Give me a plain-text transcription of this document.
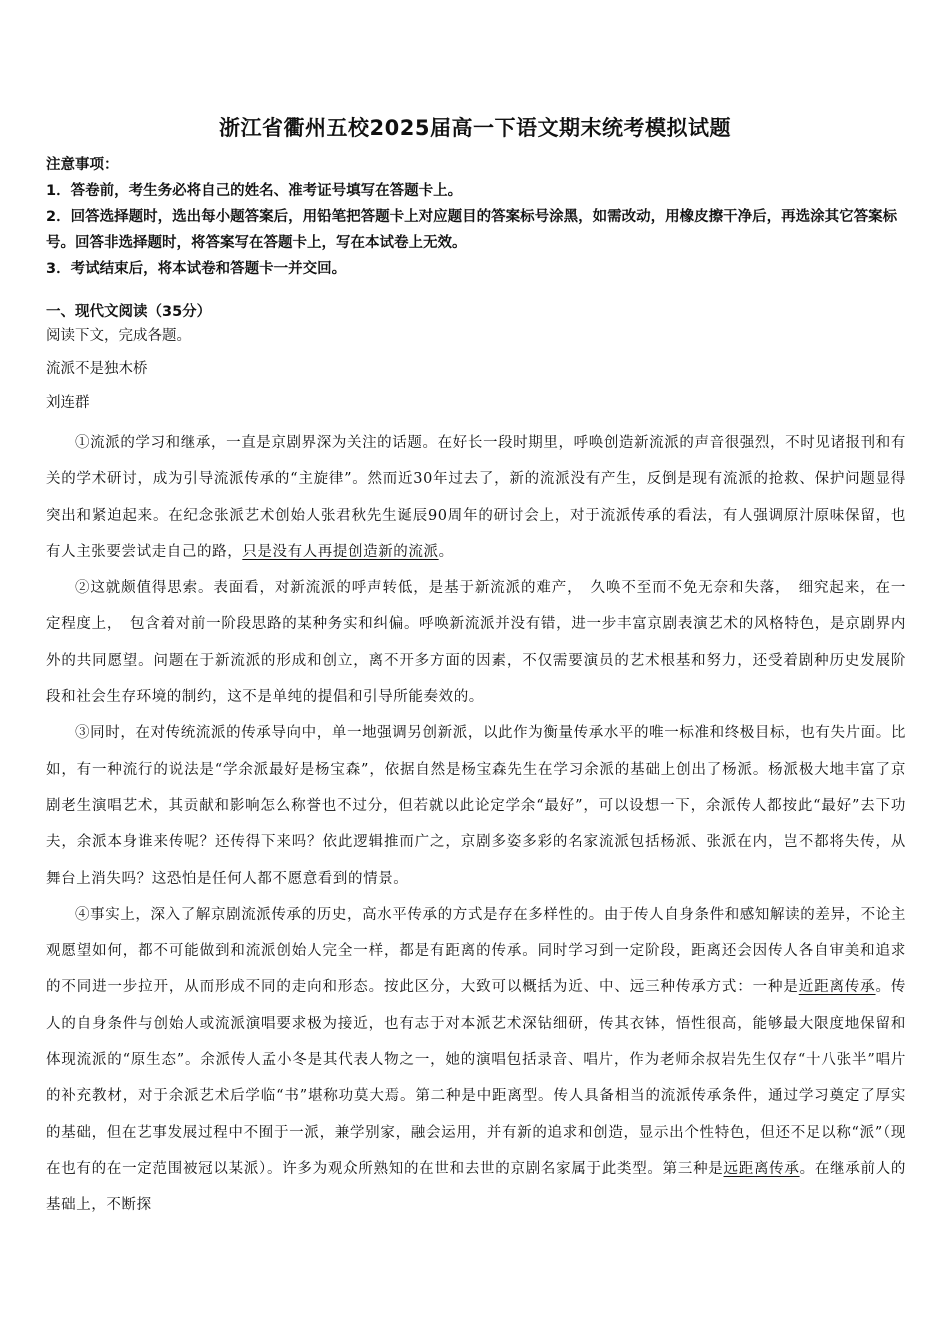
浙江省衢州五校2025届高一下语文期末统考模拟试题

注意事项：

1．答卷前，考生务必将自己的姓名、准考证号填写在答题卡上。

2．回答选择题时，选出每小题答案后，用铅笔把答题卡上对应题目的答案标号涂黑，如需改动，用橡皮擦干净后，再选涂其它答案标号。回答非选择题时，将答案写在答题卡上，写在本试卷上无效。

3．考试结束后，将本试卷和答题卡一并交回。

一、现代文阅读（35分）
阅读下文，完成各题。
流派不是独木桥
刘连群

①流派的学习和继承，一直是京剧界深为关注的话题。在好长一段时期里，呼唤创造新流派的声音很强烈，不时见诸报刊和有关的学术研讨，成为引导流派传承的“主旋律”。然而近30年过去了，新的流派没有产生，反倒是现有流派的抢救、保护问题显得突出和紧迫起来。在纪念张派艺术创始人张君秋先生诞辰90周年的研讨会上，对于流派传承的看法，有人强调原汁原味保留，也有人主张要尝试走自己的路，只是没有人再提创造新的流派。

②这就颇值得思索。表面看，对新流派的呼声转低，是基于新流派的难产，　久唤不至而不免无奈和失落，　细究起来，在一定程度上，　包含着对前一阶段思路的某种务实和纠偏。呼唤新流派并没有错，进一步丰富京剧表演艺术的风格特色，是京剧界内外的共同愿望。问题在于新流派的形成和创立，离不开多方面的因素，不仅需要演员的艺术根基和努力，还受着剧种历史发展阶段和社会生存环境的制约，这不是单纯的提倡和引导所能奏效的。

③同时，在对传统流派的传承导向中，单一地强调另创新派，以此作为衡量传承水平的唯一标准和终极目标，也有失片面。比如，有一种流行的说法是“学余派最好是杨宝森”，依据自然是杨宝森先生在学习余派的基础上创出了杨派。杨派极大地丰富了京剧老生演唱艺术，其贡献和影响怎么称誉也不过分，但若就以此论定学余“最好”，可以设想一下，余派传人都按此“最好”去下功夫，余派本身谁来传呢？还传得下来吗？依此逻辑推而广之，京剧多姿多彩的名家流派包括杨派、张派在内，岂不都将失传，从舞台上消失吗？这恐怕是任何人都不愿意看到的情景。

④事实上，深入了解京剧流派传承的历史，高水平传承的方式是存在多样性的。由于传人自身条件和感知解读的差异，不论主观愿望如何，都不可能做到和流派创始人完全一样，都是有距离的传承。同时学习到一定阶段，距离还会因传人各自审美和追求的不同进一步拉开，从而形成不同的走向和形态。按此区分，大致可以概括为近、中、远三种传承方式：一种是近距离传承。传人的自身条件与创始人或流派演唱要求极为接近，也有志于对本派艺术深钻细研，传其衣钵，悟性很高，能够最大限度地保留和体现流派的“原生态”。余派传人孟小冬是其代表人物之一，她的演唱包括录音、唱片，作为老师余叔岩先生仅存“十八张半”唱片的补充教材，对于余派艺术后学临“书”堪称功莫大焉。第二种是中距离型。传人具备相当的流派传承条件，通过学习奠定了厚实的基础，但在艺事发展过程中不囿于一派，兼学别家，融会运用，并有新的追求和创造，显示出个性特色，但还不足以称“派”（现在也有的在一定范围被冠以某派）。许多为观众所熟知的在世和去世的京剧名家属于此类型。第三种是远距离传承。在继承前人的基础上，不断探
